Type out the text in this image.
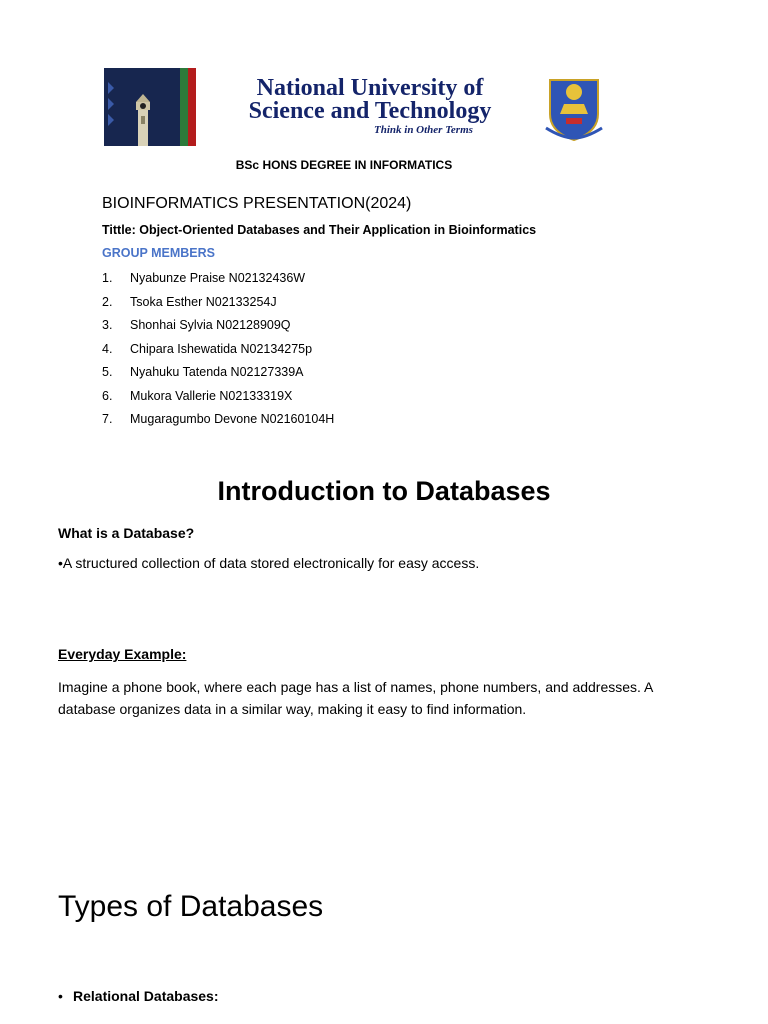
National University of
Science and Technology
Think in Other Terms
BSc HONS DEGREE IN INFORMATICS
BIOINFORMATICS PRESENTATION(2024)
Tittle: Object-Oriented Databases and Their Application in Bioinformatics
GROUP MEMBERS
1.	Nyabunze Praise N02132436W
2.	Tsoka Esther N02133254J
3.	Shonhai Sylvia N02128909Q
4.	Chipara Ishewatida N02134275p
5.	Nyahuku Tatenda N02127339A
6.	Mukora Vallerie N02133319X
7.	Mugaragumbo Devone N02160104H
Introduction to Databases
What is a Database?
•A structured collection of data stored electronically for easy access.
Everyday Example:
Imagine a phone book, where each page has a list of names, phone numbers, and addresses. A database organizes data in a similar way, making it easy to find information.
Types of Databases
• Relational Databases:
